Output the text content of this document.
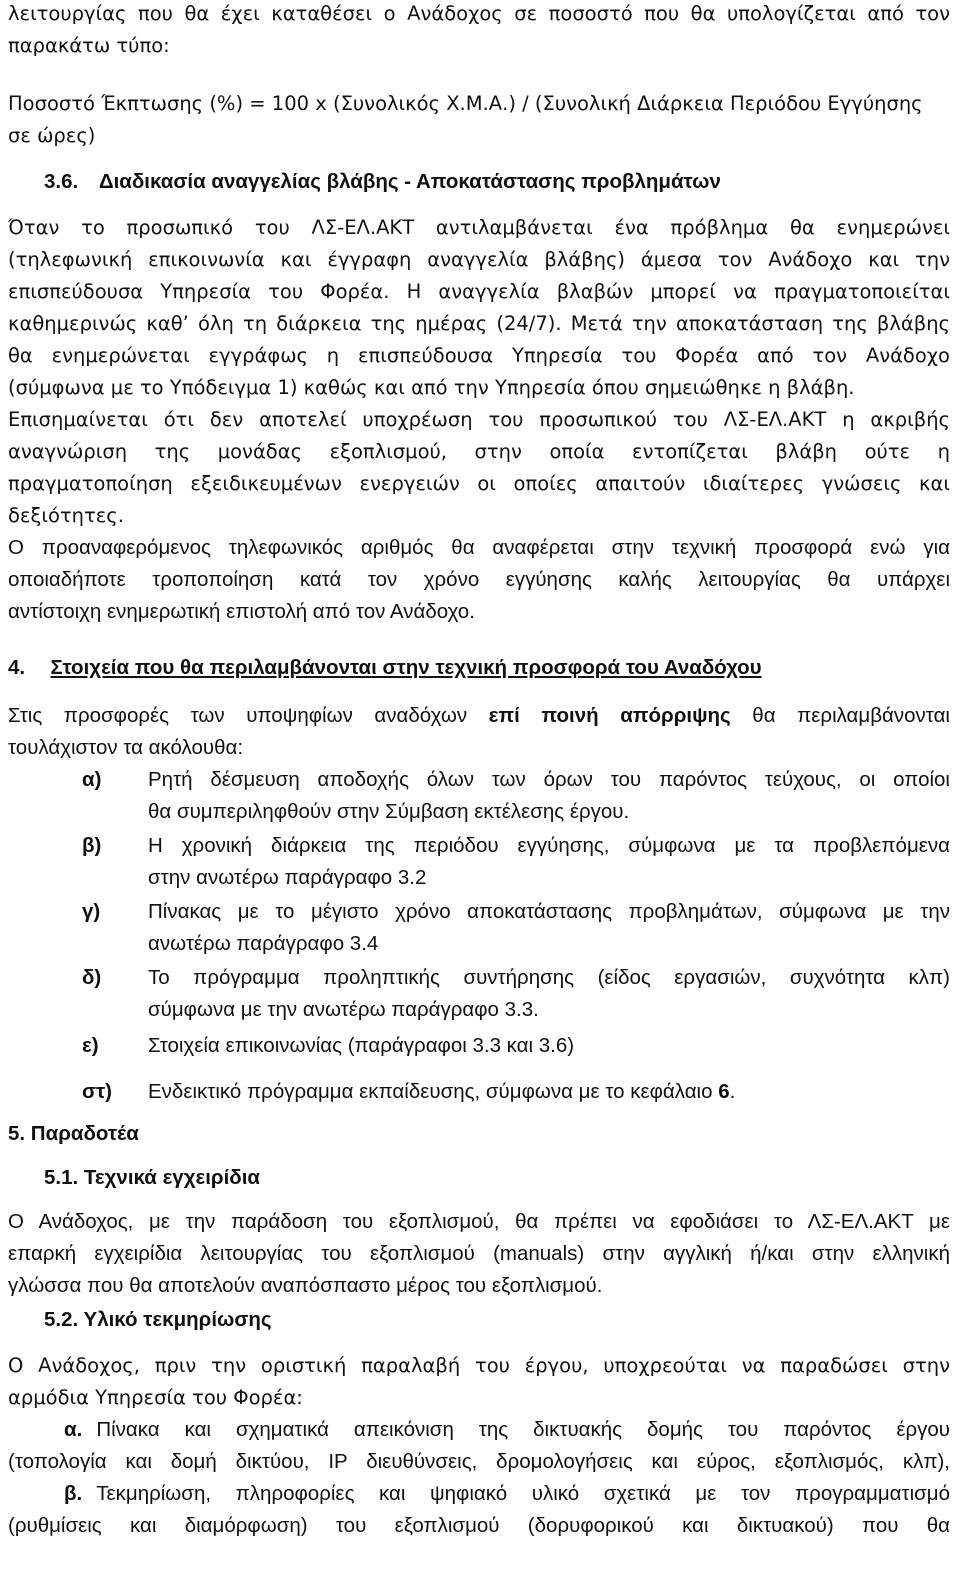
λειτουργίας που θα έχει καταθέσει ο Ανάδοχος σε ποσοστό που θα υπολογίζεται από τον
παρακάτω τύπο:

Ποσοστό Έκπτωσης (%) = 100 x (Συνολικός Χ.Μ.Α.) / (Συνολική Διάρκεια Περιόδου Εγγύησης
σε ώρες)

3.6. Διαδικασία αναγγελίας βλάβης - Αποκατάστασης προβλημάτων

Όταν το προσωπικό του ΛΣ-ΕΛ.ΑΚΤ αντιλαμβάνεται ένα πρόβλημα θα ενημερώνει
(τηλεφωνική επικοινωνία και έγγραφη αναγγελία βλάβης) άμεσα τον Ανάδοχο και την
επισπεύδουσα Υπηρεσία του Φορέα. Η αναγγελία βλαβών μπορεί να πραγματοποιείται
καθημερινώς καθ’ όλη τη διάρκεια της ημέρας (24/7). Μετά την αποκατάσταση της βλάβης
θα ενημερώνεται εγγράφως η επισπεύδουσα Υπηρεσία του Φορέα από τον Ανάδοχο
(σύμφωνα με το Υπόδειγμα 1) καθώς και από την Υπηρεσία όπου σημειώθηκε η βλάβη.
Επισημαίνεται ότι δεν αποτελεί υποχρέωση του προσωπικού του ΛΣ-ΕΛ.ΑΚΤ η ακριβής
αναγνώριση της μονάδας εξοπλισμού, στην οποία εντοπίζεται βλάβη ούτε η
πραγματοποίηση εξειδικευμένων ενεργειών οι οποίες απαιτούν ιδιαίτερες γνώσεις και
δεξιότητες.

Ο προαναφερόμενος τηλεφωνικός αριθμός θα αναφέρεται στην τεχνική προσφορά ενώ για
οποιαδήποτε τροποποίηση κατά τον χρόνο εγγύησης καλής λειτουργίας θα υπάρχει
αντίστοιχη ενημερωτική επιστολή από τον Ανάδοχο.

4. Στοιχεία που θα περιλαμβάνονται στην τεχνική προσφορά του Αναδόχου

Στις προσφορές των υποψηφίων αναδόχων επί ποινή απόρριψης θα περιλαμβάνονται
τουλάχιστον τα ακόλουθα:

α) Ρητή δέσμευση αποδοχής όλων των όρων του παρόντος τεύχους, οι οποίοι
θα συμπεριληφθούν στην Σύμβαση εκτέλεσης έργου.
β) Η χρονική διάρκεια της περιόδου εγγύησης, σύμφωνα με τα προβλεπόμενα
στην ανωτέρω παράγραφο 3.2
γ) Πίνακας με το μέγιστο χρόνο αποκατάστασης προβλημάτων, σύμφωνα με την
ανωτέρω παράγραφο 3.4
δ) Το πρόγραμμα προληπτικής συντήρησης (είδος εργασιών, συχνότητα κλπ)
σύμφωνα με την ανωτέρω παράγραφο 3.3.
ε) Στοιχεία επικοινωνίας (παράγραφοι 3.3 και 3.6)
στ) Ενδεικτικό πρόγραμμα εκπαίδευσης, σύμφωνα με το κεφάλαιο 6.
5. Παραδοτέα
5.1. Τεχνικά εγχειρίδια

Ο Ανάδοχος, με την παράδοση του εξοπλισμού, θα πρέπει να εφοδιάσει το ΛΣ-ΕΛ.ΑΚΤ με
επαρκή εγχειρίδια λειτουργίας του εξοπλισμού (manuals) στην αγγλική ή/και στην ελληνική
γλώσσα που θα αποτελούν αναπόσπαστο μέρος του εξοπλισμού.

5.2. Υλικό τεκμηρίωσης

Ο Ανάδοχος, πριν την οριστική παραλαβή του έργου, υποχρεούται να παραδώσει στην
αρμόδια Υπηρεσία του Φορέα:

α. Πίνακα και σχηματικά απεικόνιση της δικτυακής δομής του παρόντος έργου
(τοπολογία και δομή δικτύου, IP διευθύνσεις, δρομολογήσεις και εύρος, εξοπλισμός, κλπ),

β. Τεκμηρίωση, πληροφορίες και ψηφιακό υλικό σχετικά με τον προγραμματισμό
(ρυθμίσεις και διαμόρφωση) του εξοπλισμού (δορυφορικού και δικτυακού) που θα
